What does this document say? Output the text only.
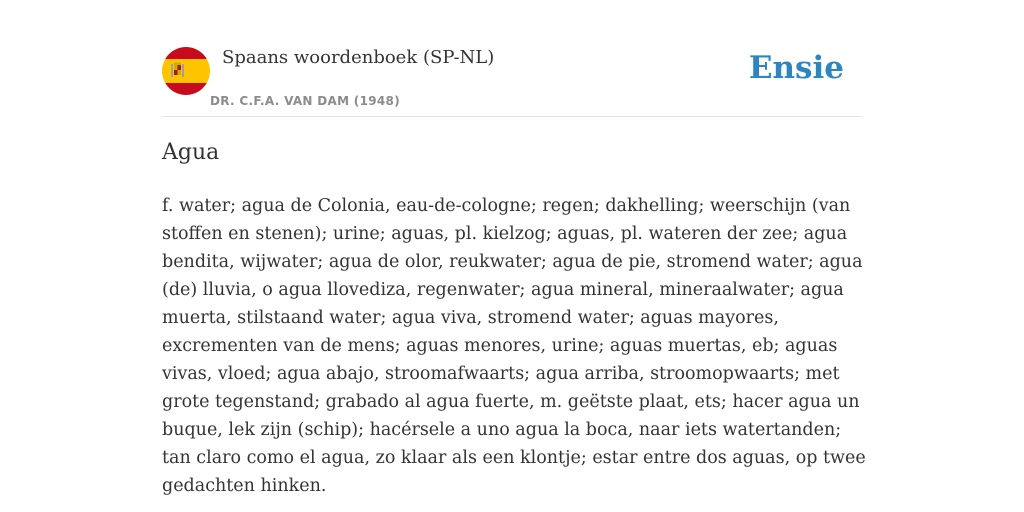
Spaans woordenboek (SP-NL)
DR. C.F.A. VAN DAM (1948)
Ensie
Agua

f. water; agua de Colonia, eau-de-cologne; regen; dakhelling; weerschijn (van stoffen en stenen); urine; aguas, pl. kielzog; aguas, pl. wateren der zee; agua bendita, wijwater; agua de olor, reukwater; agua de pie, stromend water; agua (de) lluvia, o agua llovediza, regenwater; agua mineral, mineraalwater; agua muerta, stilstaand water; agua viva, stromend water; aguas mayores, excrementen van de mens; aguas menores, urine; aguas muertas, eb; aguas vivas, vloed; agua abajo, stroomafwaarts; agua arriba, stroomopwaarts; met grote tegenstand; grabado al agua fuerte, m. geëtste plaat, ets; hacer agua un buque, lek zijn (schip); hacérsele a uno agua la boca, naar iets watertanden; tan claro como el agua, zo klaar als een klontje; estar entre dos aguas, op twee gedachten hinken.
